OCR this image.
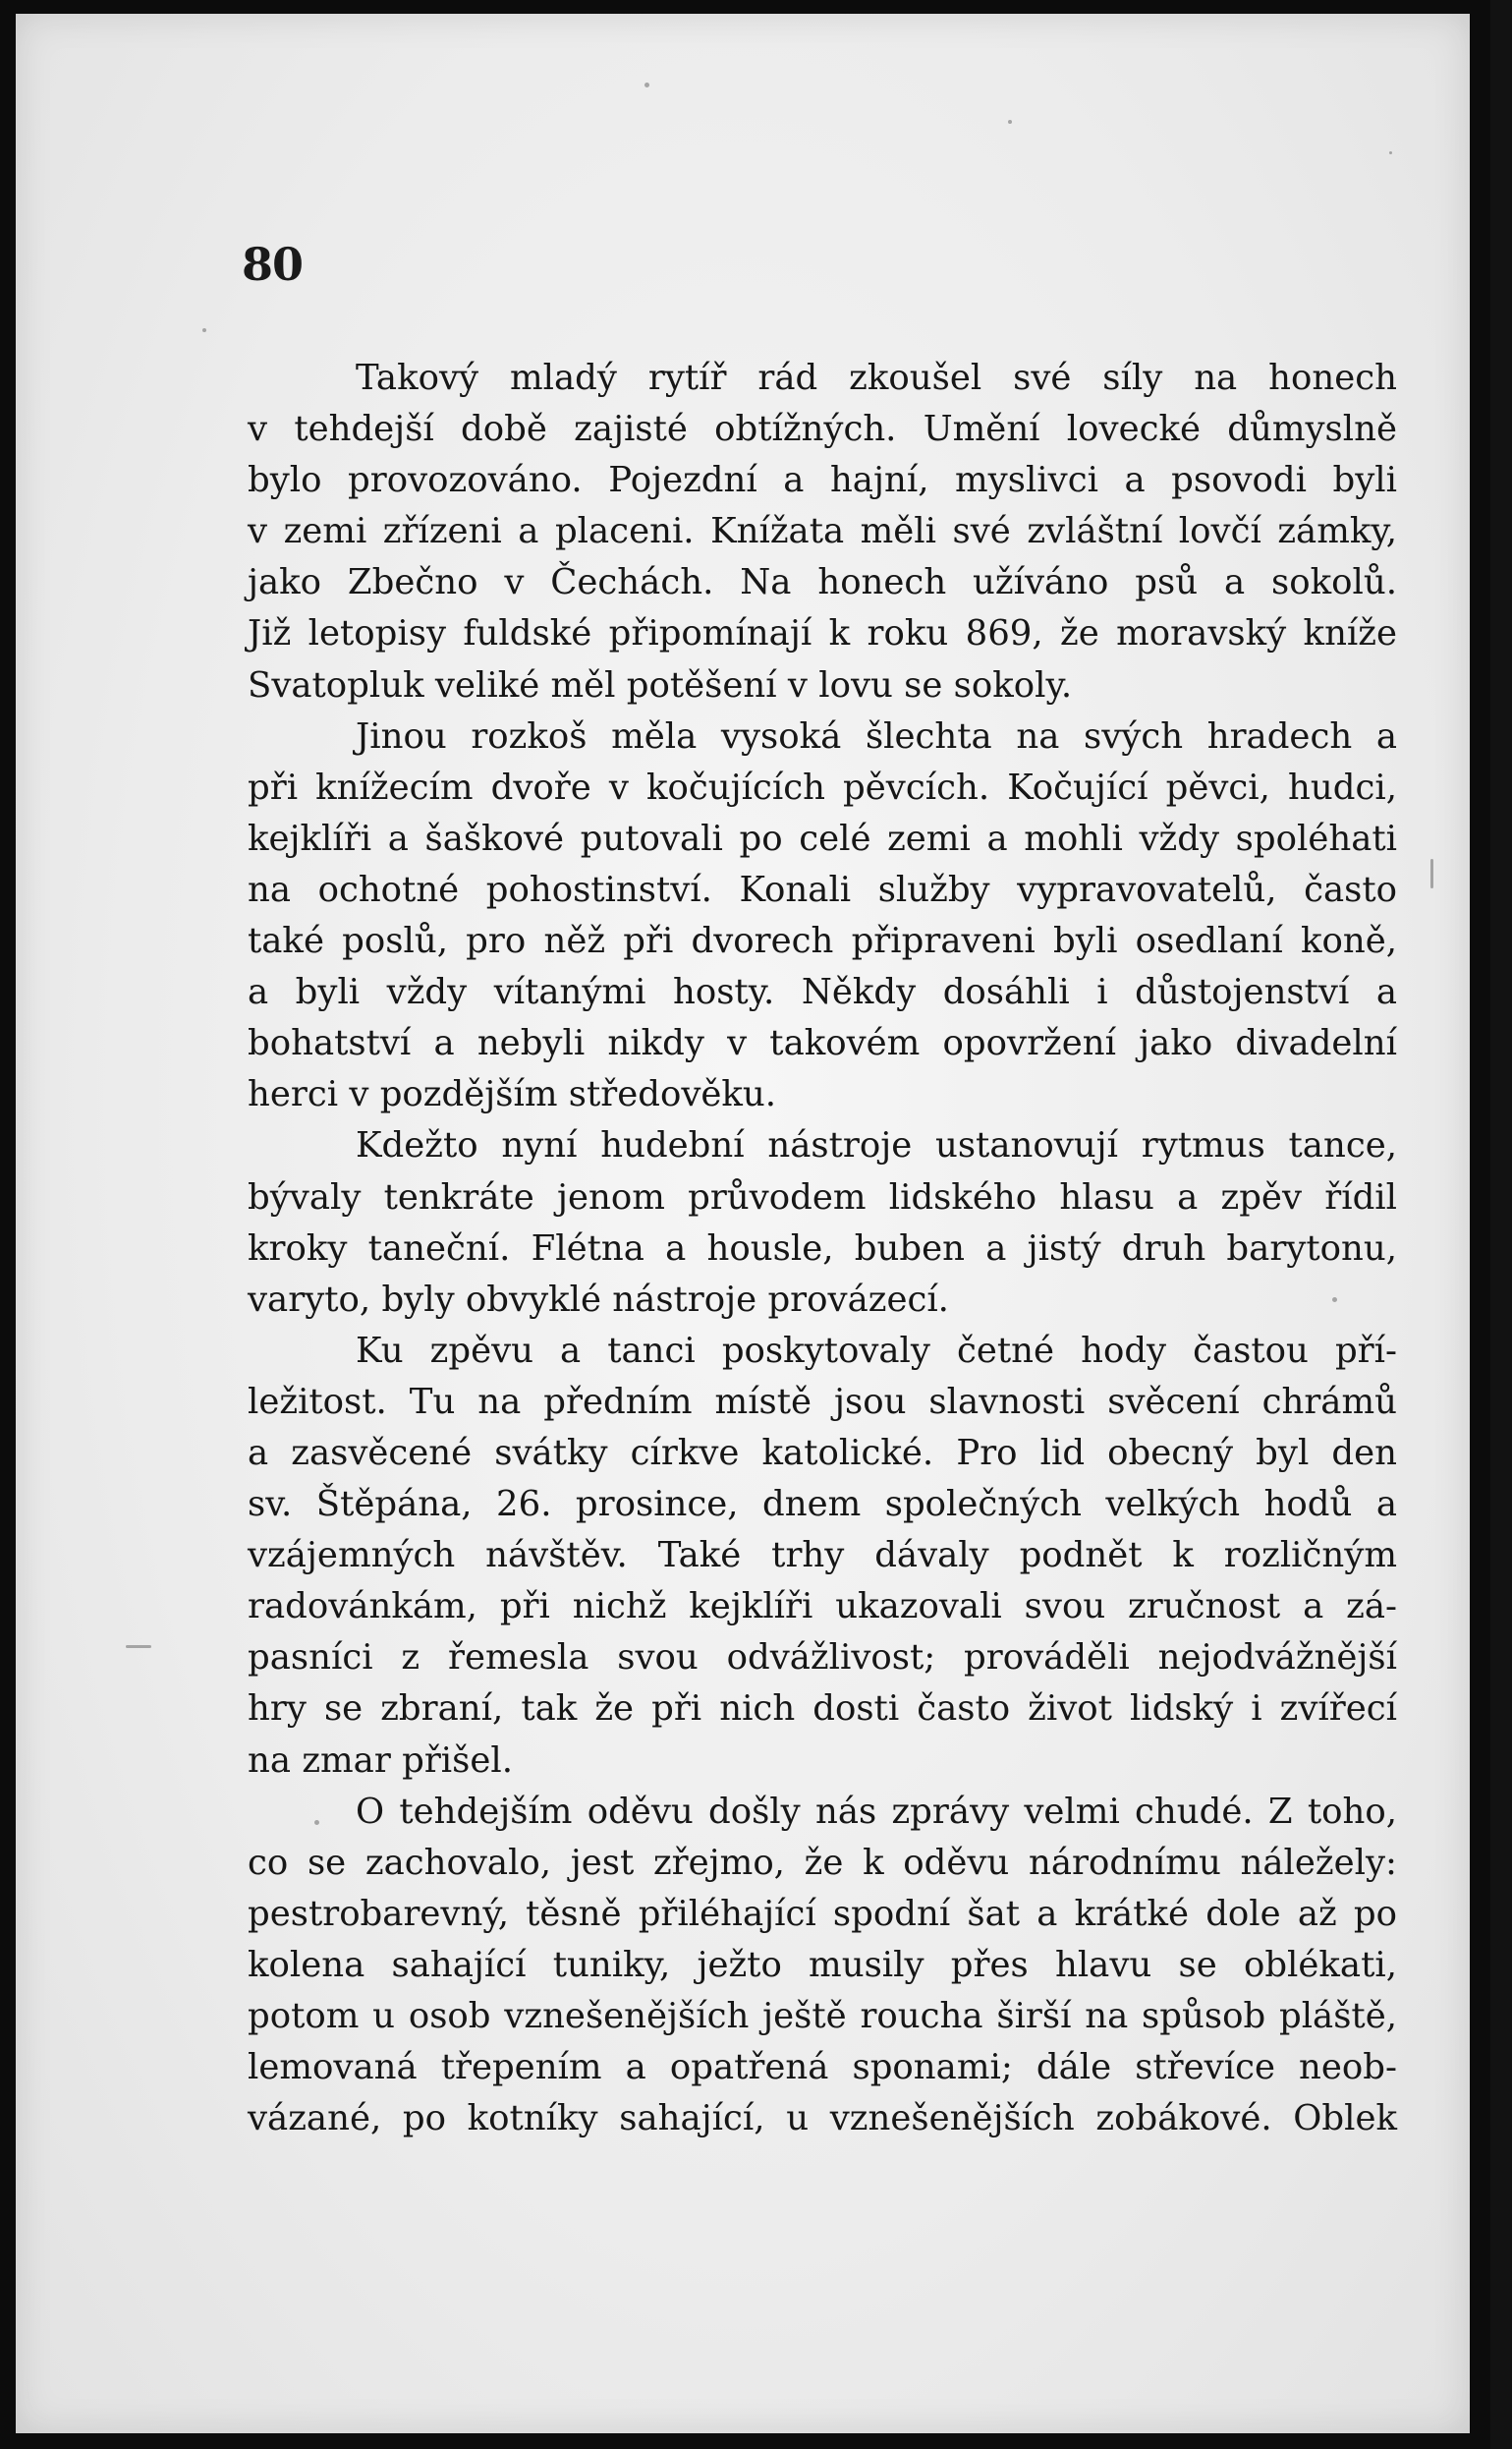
80
Takový mladý rytíř rád zkoušel své síly na honech
v tehdejší době zajisté obtížných. Umění lovecké důmyslně
bylo provozováno. Pojezdní a hajní, myslivci a psovodi byli
v zemi zřízeni a placeni. Knížata měli své zvláštní lovčí zámky,
jako Zbečno v Čechách. Na honech užíváno psů a sokolů.
Již letopisy fuldské připomínají k roku 869, že moravský kníže
Svatopluk veliké měl potěšení v lovu se sokoly.
Jinou rozkoš měla vysoká šlechta na svých hradech a
při knížecím dvoře v kočujících pěvcích. Kočující pěvci, hudci,
kejklíři a šaškové putovali po celé zemi a mohli vždy spoléhati
na ochotné pohostinství. Konali služby vypravovatelů, často
také poslů, pro něž při dvorech připraveni byli osedlaní koně,
a byli vždy vítanými hosty. Někdy dosáhli i důstojenství a
bohatství a nebyli nikdy v takovém opovržení jako divadelní
herci v pozdějším středověku.
Kdežto nyní hudební nástroje ustanovují rytmus tance,
bývaly tenkráte jenom průvodem lidského hlasu a zpěv řídil
kroky taneční. Flétna a housle, buben a jistý druh barytonu,
varyto, byly obvyklé nástroje provázecí.
Ku zpěvu a tanci poskytovaly četné hody častou pří-
ležitost. Tu na předním místě jsou slavnosti svěcení chrámů
a zasvěcené svátky církve katolické. Pro lid obecný byl den
sv. Štěpána, 26. prosince, dnem společných velkých hodů a
vzájemných návštěv. Také trhy dávaly podnět k rozličným
radovánkám, při nichž kejklíři ukazovali svou zručnost a zá-
pasníci z řemesla svou odvážlivost; prováděli nejodvážnější
hry se zbraní, tak že při nich dosti často život lidský i zvířecí
na zmar přišel.
O tehdejším oděvu došly nás zprávy velmi chudé. Z toho,
co se zachovalo, jest zřejmo, že k oděvu národnímu náležely:
pestrobarevný, těsně přiléhající spodní šat a krátké dole až po
kolena sahající tuniky, ježto musily přes hlavu se oblékati,
potom u osob vznešenějších ještě roucha širší na spůsob pláště,
lemovaná třepením a opatřená sponami; dále střevíce neob-
vázané, po kotníky sahající, u vznešenějších zobákové. Oblek
